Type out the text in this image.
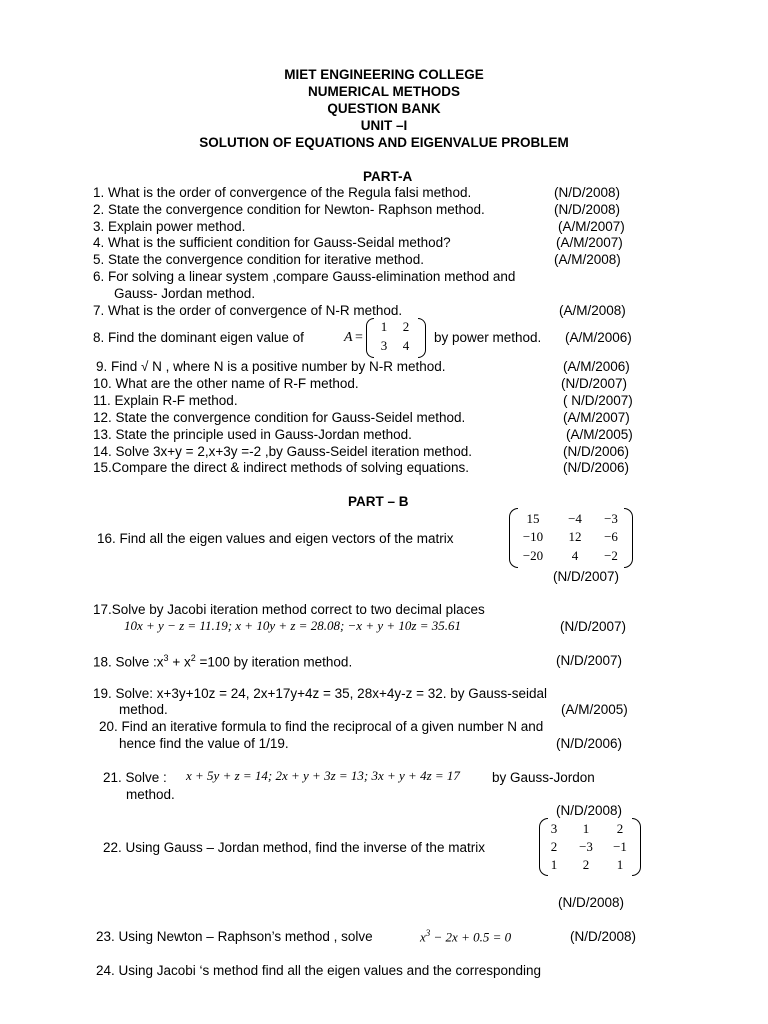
MIET ENGINEERING COLLEGE
NUMERICAL METHODS
QUESTION BANK
UNIT –I
SOLUTION OF EQUATIONS AND EIGENVALUE PROBLEM
PART-A
1. What is the order of convergence of the Regula falsi method.	(N/D/2008)
2. State the convergence condition for Newton- Raphson method.	(N/D/2008)
3. Explain power method.	(A/M/2007)
4. What is the sufficient condition for Gauss-Seidal method?	(A/M/2007)
5. State the convergence condition for iterative method.	(A/M/2008)
6. For solving a linear system ,compare Gauss-elimination method and
Gauss- Jordan method.
7. What is the order of convergence of N-R method.	(A/M/2008)
8. Find the dominant eigen value of	A =
1	2
3	4
by power method. (A/M/2006)
9. Find √ N , where N is a positive number by N-R method.	(A/M/2006)
10. What are the other name of R-F method.	(N/D/2007)
11. Explain R-F method.	( N/D/2007)
12. State the convergence condition for Gauss-Seidel method.	(A/M/2007)
13. State the principle used in Gauss-Jordan method.	(A/M/2005)
14. Solve 3x+y = 2,x+3y =-2 ,by Gauss-Seidel iteration method.	(N/D/2006)
15.Compare the direct & indirect methods of solving equations.	(N/D/2006)
PART – B
16. Find all the eigen values and eigen vectors of the matrix
15	−4	−3
−10	12	−6
−20	4	−2
(N/D/2007)
17.Solve by Jacobi iteration method correct to two decimal places
10x + y − z = 11.19; x + 10y + z = 28.08; −x + y + 10z = 35.61	(N/D/2007)
18. Solve $:x^3 + x^2 =100$ by iteration method.	(N/D/2007)
19. Solve: x+3y+10z = 24, 2x+17y+4z = 35, 28x+4y-z = 32. by Gauss-seidal
method.	(A/M/2005)
20. Find an iterative formula to find the reciprocal of a given number N and
hence find the value of 1/19.	(N/D/2006)
21. Solve : x + 5y + z = 14; 2x + y + 3z = 13; 3x + y + 4z = 17 by Gauss-Jordon
method.
(N/D/2008)
22. Using Gauss – Jordan method, find the inverse of the matrix
3	1	2
2	−3	−1
1	2	1
(N/D/2008)
23. Using Newton – Raphson’s method , solve	$x^3 - 2x + 0.5 = 0$	(N/D/2008)
24. Using Jacobi ‘s method find all the eigen values and the corresponding
